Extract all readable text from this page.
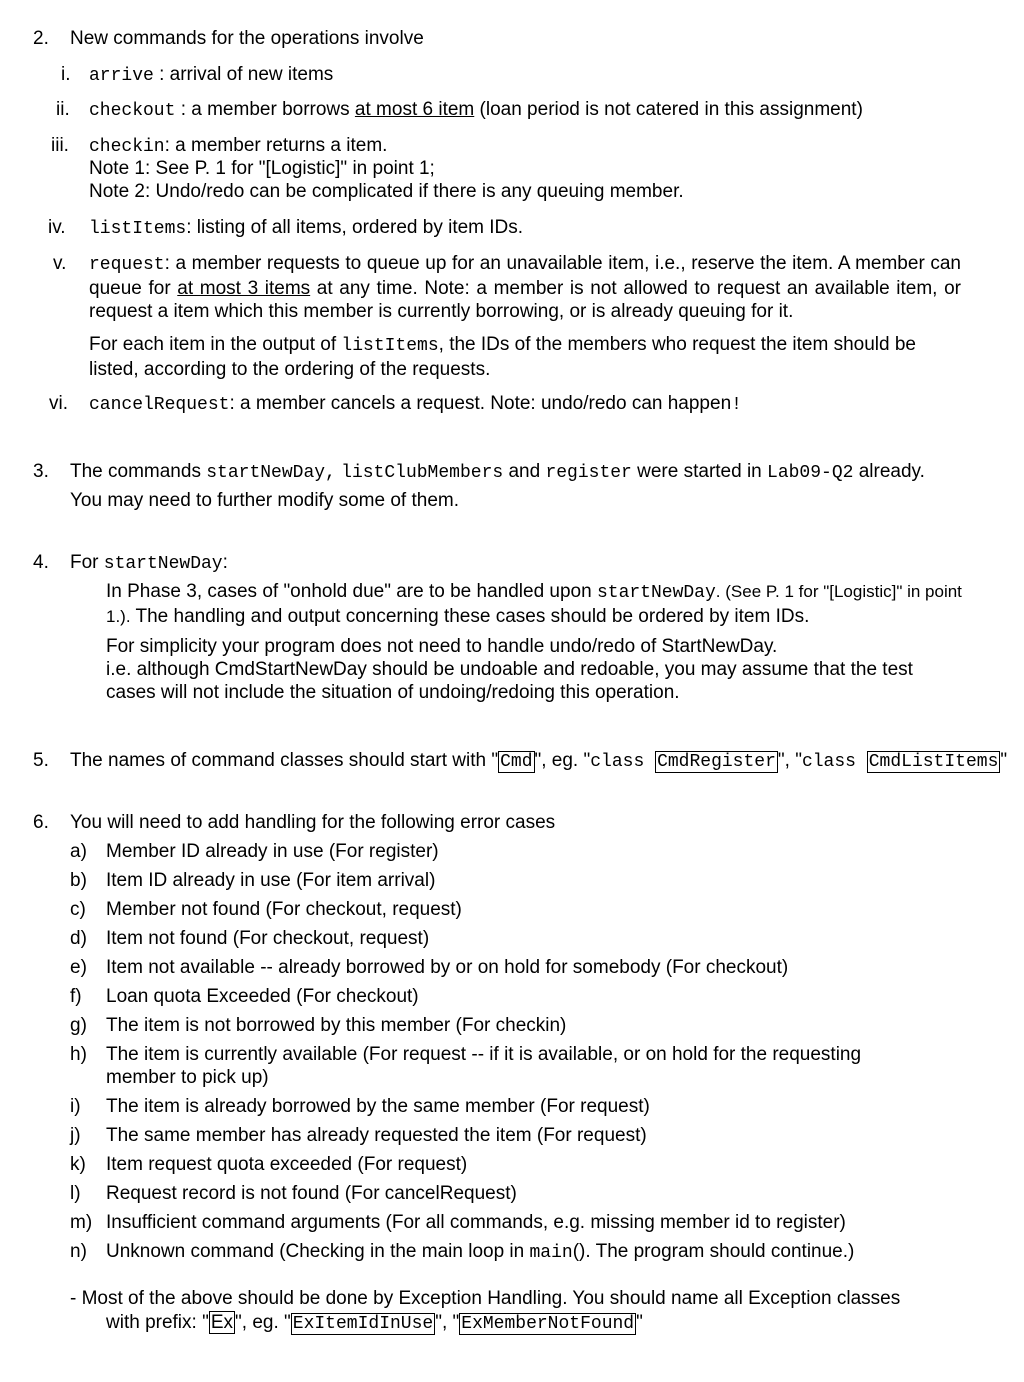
2. New commands for the operations involve

i. arrive : arrival of new items

ii. checkout : a member borrows at most 6 item (loan period is not catered in this assignment)

iii. checkin: a member returns a item.

Note 1: See P. 1 for "[Logistic]" in point 1;

Note 2: Undo/redo can be complicated if there is any queuing member.

iv. listItems: listing of all items, ordered by item IDs.

v. request: a member requests to queue up for an unavailable item, i.e., reserve the item. A member can queue for at most 3 items at any time. Note: a member is not allowed to request an available item, or request a item which this member is currently borrowing, or is already queuing for it.

For each item in the output of listItems, the IDs of the members who request the item should be listed, according to the ordering of the requests.

vi. cancelRequest: a member cancels a request. Note: undo/redo can happen!

3. The commands startNewDay, listClubMembers and register were started in Lab09-Q2 already.

You may need to further modify some of them.

4. For startNewDay:

In Phase 3, cases of "onhold due" are to be handled upon startNewDay. (See P. 1 for "[Logistic]" in point 1.). The handling and output concerning these cases should be ordered by item IDs.

For simplicity your program does not need to handle undo/redo of StartNewDay.

i.e. although CmdStartNewDay should be undoable and redoable, you may assume that the test cases will not include the situation of undoing/redoing this operation.

5. The names of command classes should start with " Cmd ", eg. "class CmdRegister ", "class CmdListItems "

6. You will need to add handling for the following error cases

a) Member ID already in use (For register)
b) Item ID already in use (For item arrival)
c) Member not found (For checkout, request)
d) Item not found (For checkout, request)
e) Item not available -- already borrowed by or on hold for somebody (For checkout)
f) Loan quota Exceeded (For checkout)
g) The item is not borrowed by this member (For checkin)
h) The item is currently available (For request -- if it is available, or on hold for the requesting
member to pick up)
i) The item is already borrowed by the same member (For request)
j) The same member has already requested the item (For request)
k) Item request quota exceeded (For request)
l) Request record is not found (For cancelRequest)
m) Insufficient command arguments (For all commands, e.g. missing member id to register)
n) Unknown command (Checking in the main loop in main(). The program should continue.)

- Most of the above should be done by Exception Handling. You should name all Exception classes

with prefix: " Ex ", eg. " ExItemIdInUse ", " ExMemberNotFound "
